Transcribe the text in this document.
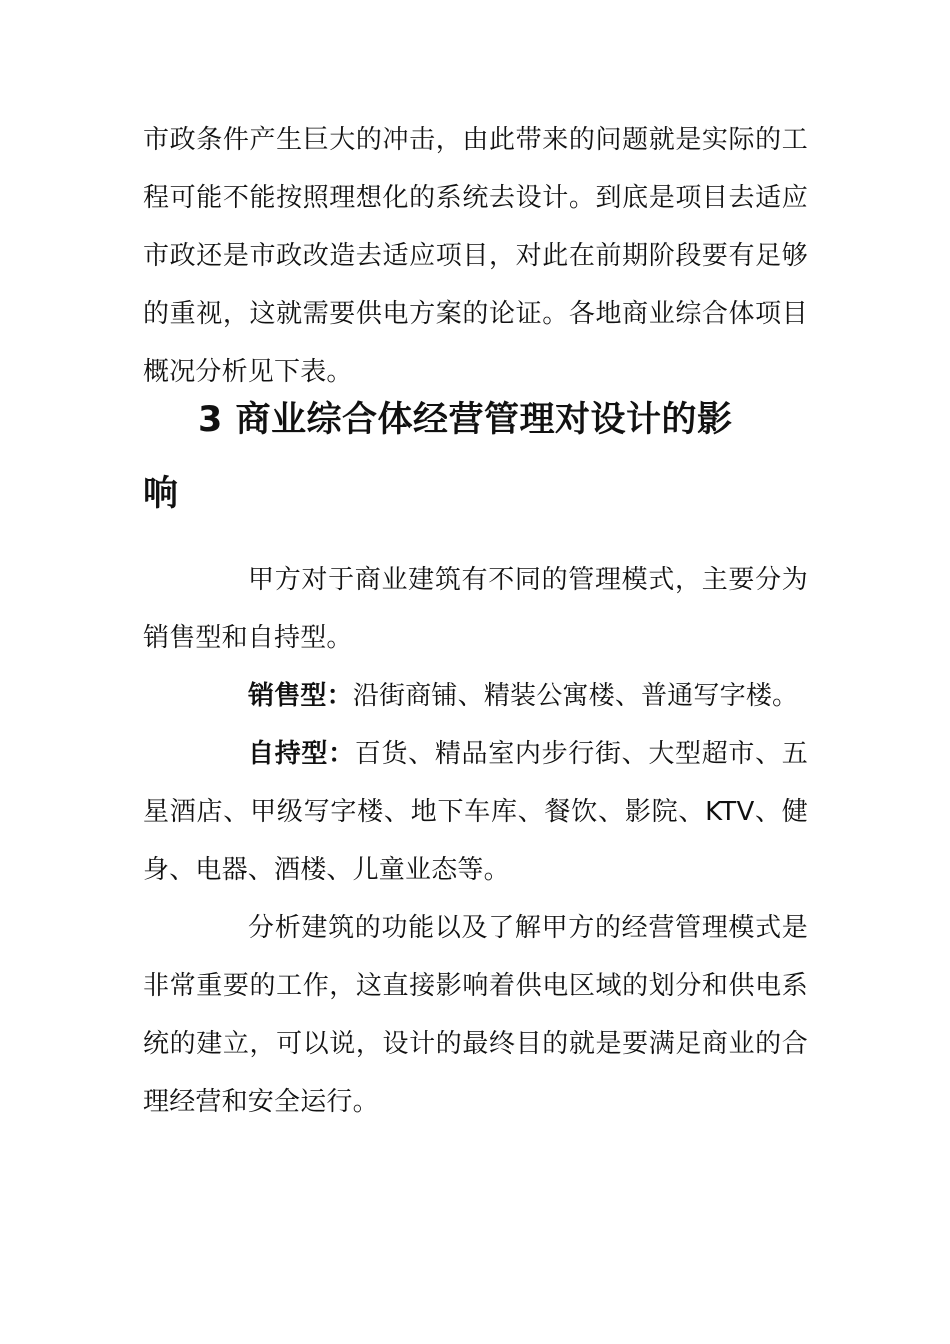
市政条件产生巨大的冲击，由此带来的问题就是实际的工
程可能不能按照理想化的系统去设计。到底是项目去适应
市政还是市政改造去适应项目，对此在前期阶段要有足够
的重视，这就需要供电方案的论证。各地商业综合体项目
概况分析见下表。
3 商业综合体经营管理对设计的影
响
甲方对于商业建筑有不同的管理模式，主要分为
销售型和自持型。
销售型：沿街商铺、精装公寓楼、普通写字楼。
自持型：百货、精品室内步行街、大型超市、五
星酒店、甲级写字楼、地下车库、餐饮、影院、KTV、健
身、电器、酒楼、儿童业态等。
分析建筑的功能以及了解甲方的经营管理模式是
非常重要的工作，这直接影响着供电区域的划分和供电系
统的建立，可以说，设计的最终目的就是要满足商业的合
理经营和安全运行。
